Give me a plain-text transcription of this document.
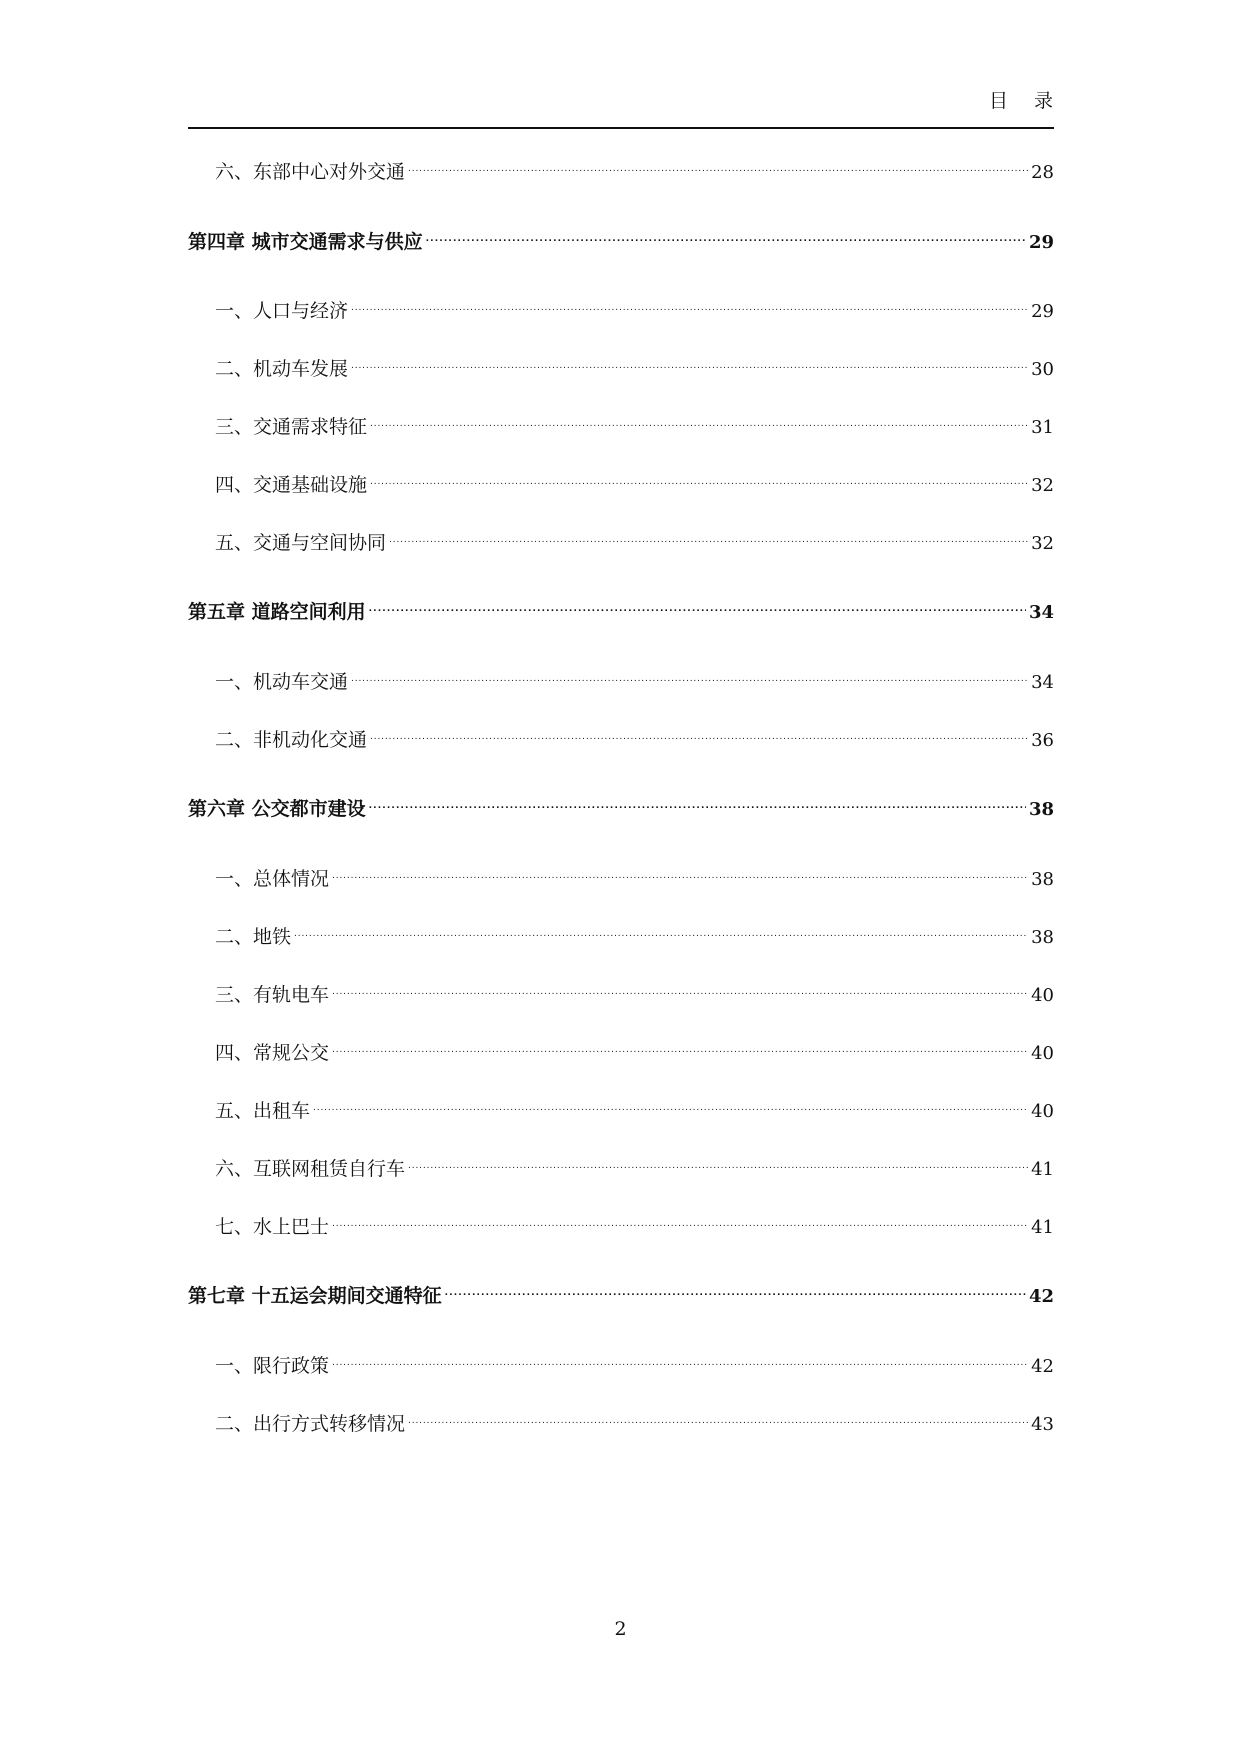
目 录
六、东部中心对外交通 . . .	28
第四章 城市交通需求与供应 . . .	29
一、人口与经济 . . .	29
二、机动车发展 . . .	30
三、交通需求特征 . . .	31
四、交通基础设施 . . .	32
五、交通与空间协同 . . .	32
第五章 道路空间利用 . . .	34
一、机动车交通 . . .	34
二、非机动化交通 . . .	36
第六章 公交都市建设 . . .	38
一、总体情况 . . .	38
二、地铁 . . .	38
三、有轨电车 . . .	40
四、常规公交 . . .	40
五、出租车 . . .	40
六、互联网租赁自行车 . . .	41
七、水上巴士 . . .	41
第七章 十五运会期间交通特征 . . .	42
一、限行政策 . . .	42
二、出行方式转移情况 . . .	43
2
